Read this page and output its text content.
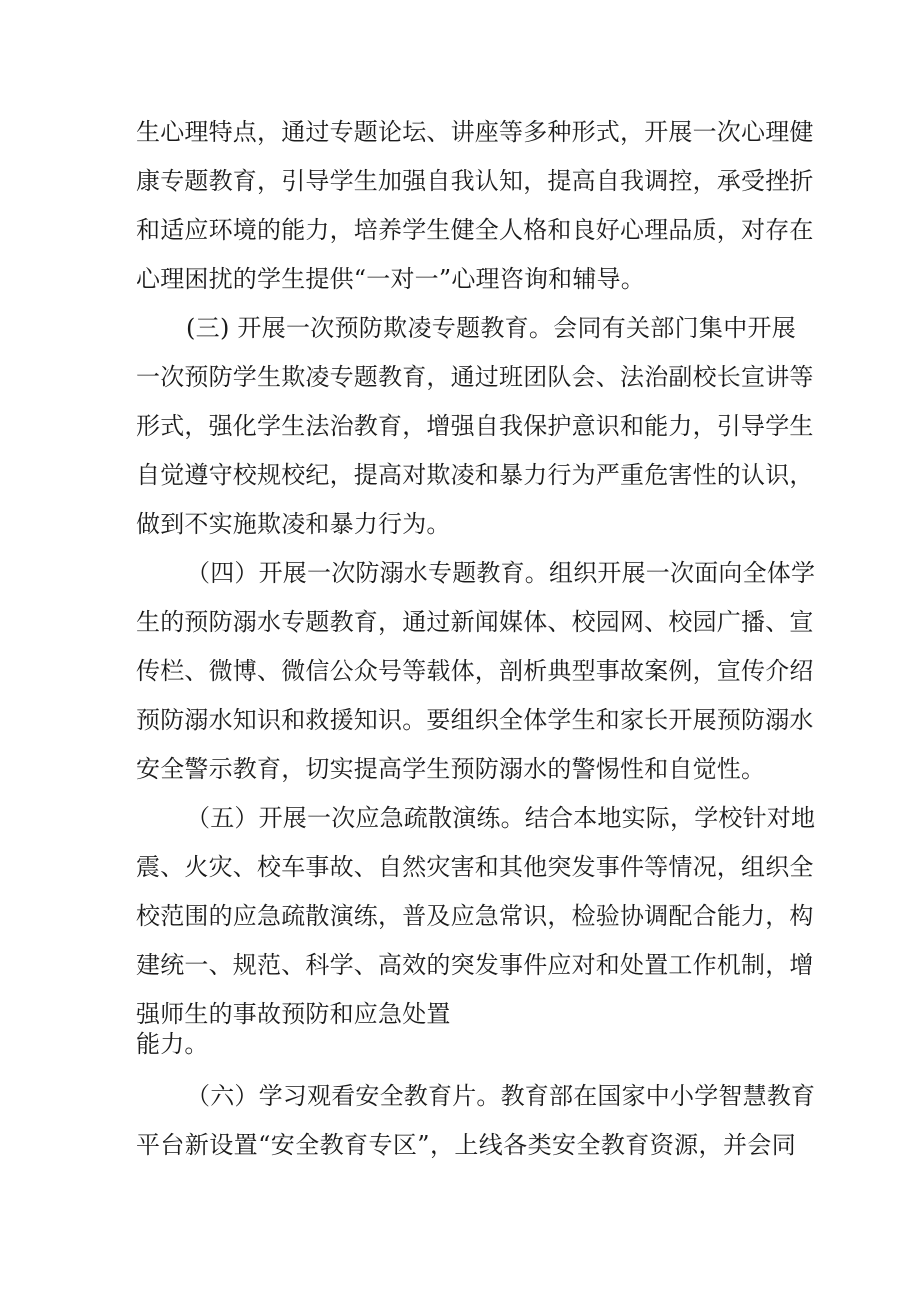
生心理特点，通过专题论坛、讲座等多种形式，开展一次心理健
康专题教育，引导学生加强自我认知，提高自我调控，承受挫折
和适应环境的能力，培养学生健全人格和良好心理品质，对存在
心理困扰的学生提供“一对一”心理咨询和辅导。
(三) 开展一次预防欺凌专题教育。会同有关部门集中开展
一次预防学生欺凌专题教育，通过班团队会、法治副校长宣讲等
形式，强化学生法治教育，增强自我保护意识和能力，引导学生
自觉遵守校规校纪，提高对欺凌和暴力行为严重危害性的认识，
做到不实施欺凌和暴力行为。
（四）开展一次防溺水专题教育。组织开展一次面向全体学
生的预防溺水专题教育，通过新闻媒体、校园网、校园广播、宣
传栏、微博、微信公众号等载体，剖析典型事故案例，宣传介绍
预防溺水知识和救援知识。要组织全体学生和家长开展预防溺水
安全警示教育，切实提高学生预防溺水的警惕性和自觉性。
（五）开展一次应急疏散演练。结合本地实际，学校针对地
震、火灾、校车事故、自然灾害和其他突发事件等情况，组织全
校范围的应急疏散演练，普及应急常识，检验协调配合能力，构
建统一、规范、科学、高效的突发事件应对和处置工作机制，增
强师生的事故预防和应急处置
能力。
（六）学习观看安全教育片。教育部在国家中小学智慧教育
平台新设置“安全教育专区”，上线各类安全教育资源，并会同
